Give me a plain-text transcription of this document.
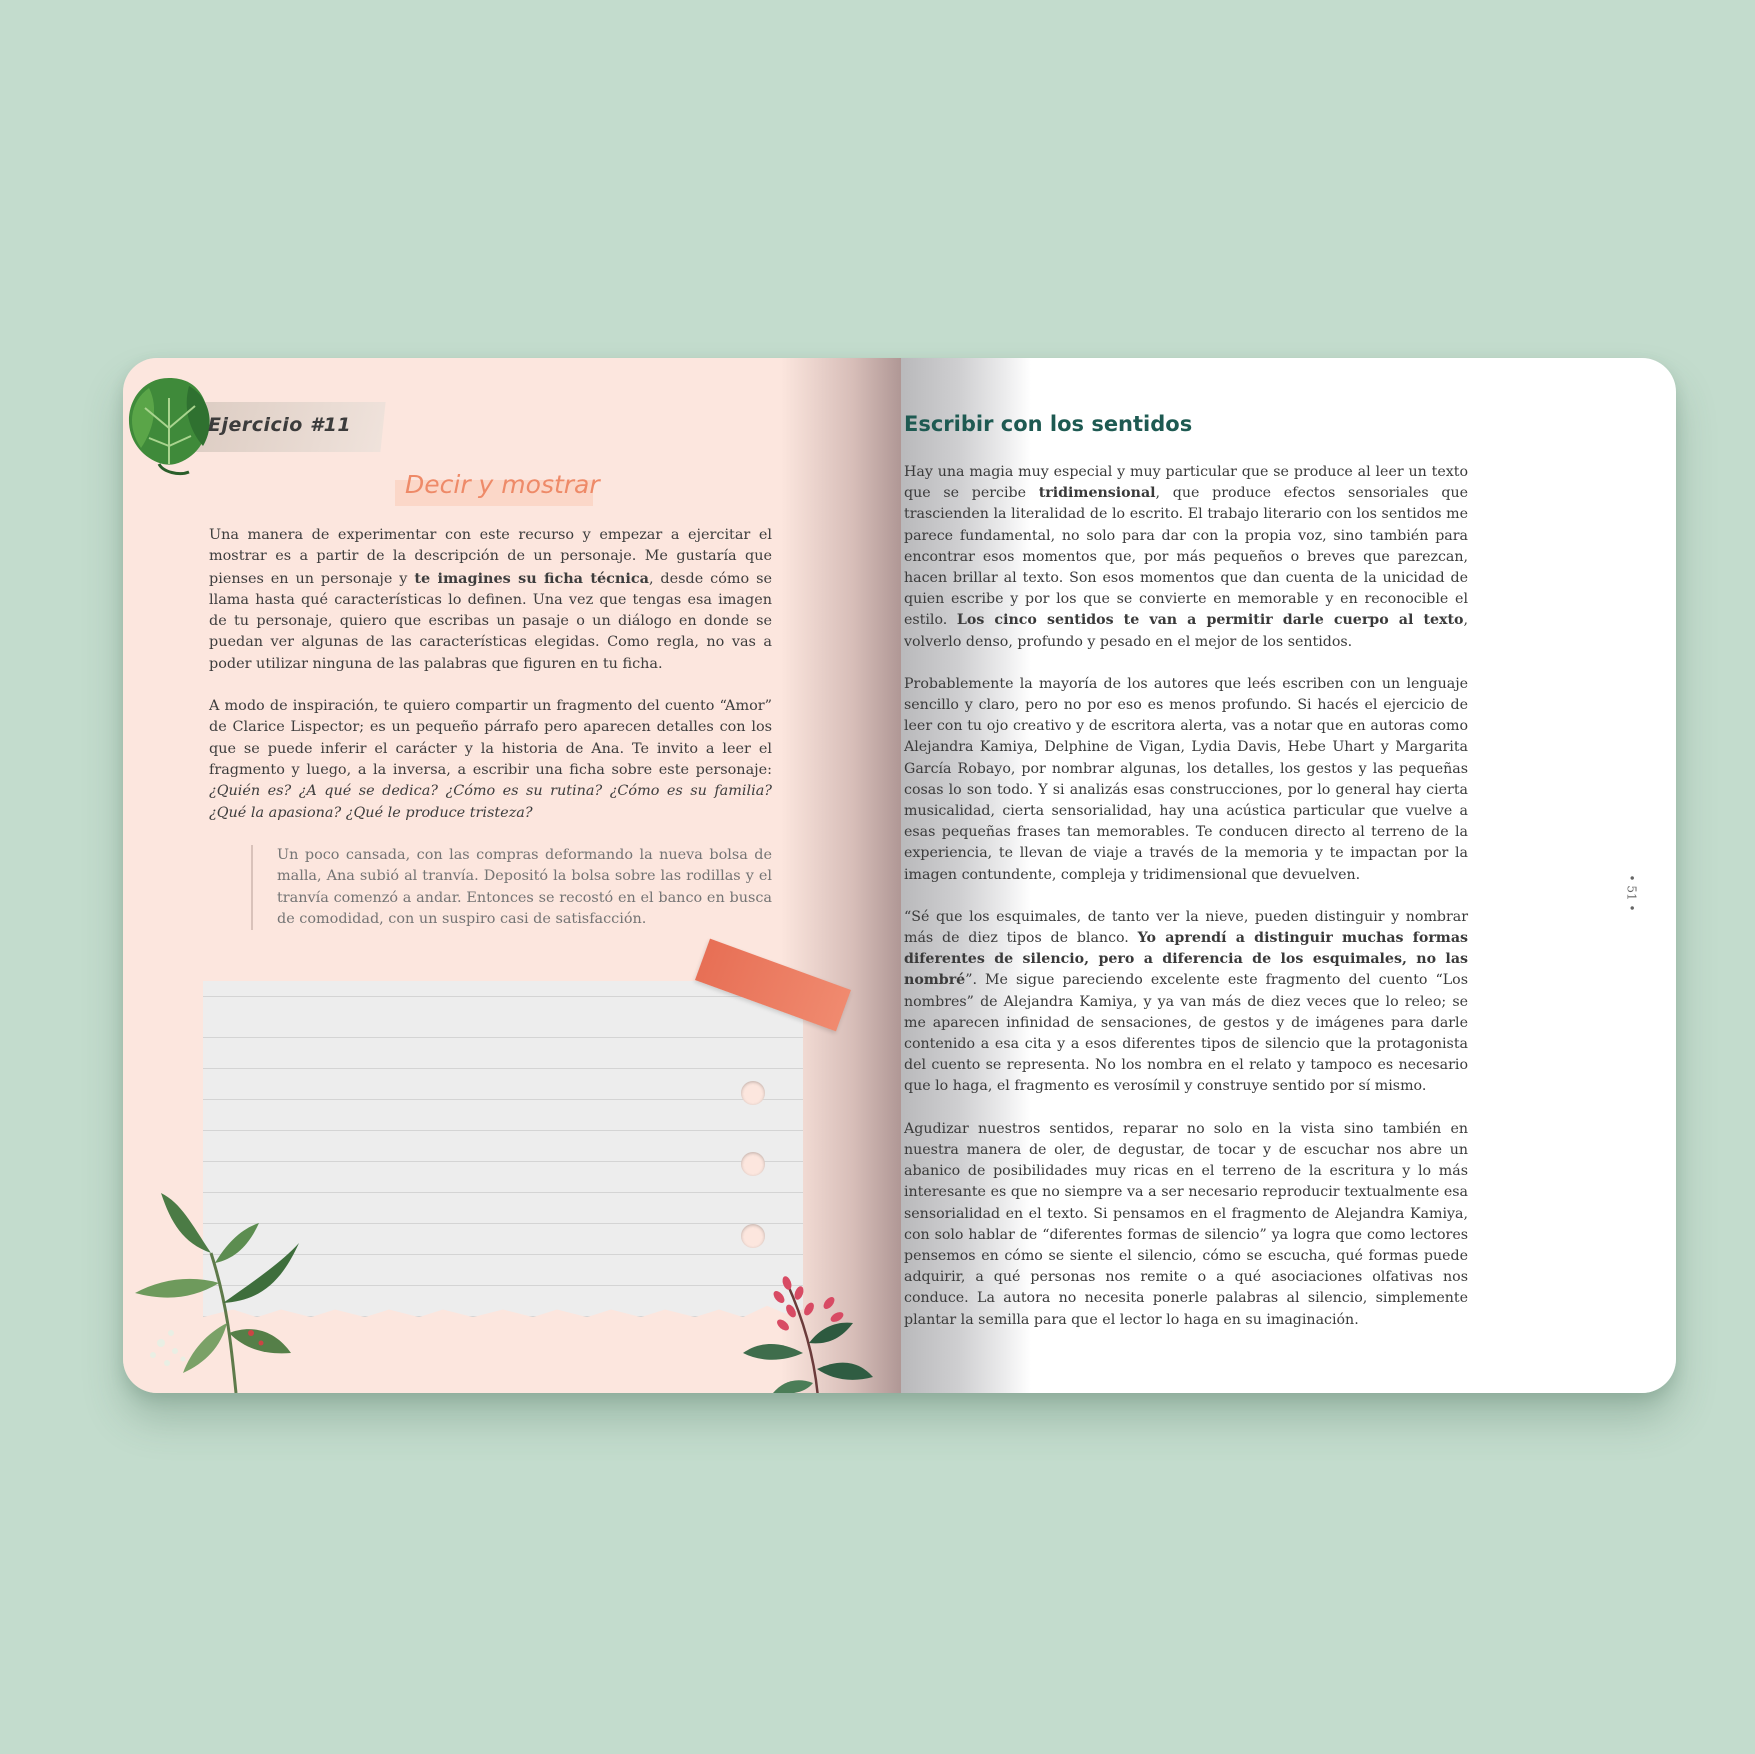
Ejercicio #11
Decir y mostrar

Una manera de experimentar con este recurso y empezar a ejercitar el mostrar es a partir de la descripción de un personaje. Me gustaría que pienses en un personaje y te imagines su ficha técnica, desde cómo se llama hasta qué características lo definen. Una vez que tengas esa imagen de tu personaje, quiero que escribas un pasaje o un diálogo en donde se puedan ver algunas de las características elegidas. Como regla, no vas a poder utilizar ninguna de las palabras que figuren en tu ficha.

A modo de inspiración, te quiero compartir un fragmento del cuento “Amor” de Clarice Lispector; es un pequeño párrafo pero aparecen detalles con los que se puede inferir el carácter y la historia de Ana. Te invito a leer el fragmento y luego, a la inversa, a escribir una ficha sobre este personaje: ¿Quién es? ¿A qué se dedica? ¿Cómo es su rutina? ¿Cómo es su familia? ¿Qué la apasiona? ¿Qué le produce tristeza?

Un poco cansada, con las compras deformando la nueva bolsa de malla, Ana subió al tranvía. Depositó la bolsa sobre las rodillas y el tranvía comenzó a andar. Entonces se recostó en el banco en busca de comodidad, con un suspiro casi de satisfacción.
Escribir con los sentidos

Hay una magia muy especial y muy particular que se produce al leer un texto que se percibe tridimensional, que produce efectos sensoriales que trascienden la literalidad de lo escrito. El trabajo literario con los sentidos me parece fundamental, no solo para dar con la propia voz, sino también para encontrar esos momentos que, por más pequeños o breves que parezcan, hacen brillar al texto. Son esos momentos que dan cuenta de la unicidad de quien escribe y por los que se convierte en memorable y en reconocible el estilo. Los cinco sentidos te van a permitir darle cuerpo al texto, volverlo denso, profundo y pesado en el mejor de los sentidos.

Probablemente la mayoría de los autores que leés escriben con un lenguaje sencillo y claro, pero no por eso es menos profundo. Si hacés el ejercicio de leer con tu ojo creativo y de escritora alerta, vas a notar que en autoras como Alejandra Kamiya, Delphine de Vigan, Lydia Davis, Hebe Uhart y Margarita García Robayo, por nombrar algunas, los detalles, los gestos y las pequeñas cosas lo son todo. Y si analizás esas construcciones, por lo general hay cierta musicalidad, cierta sensorialidad, hay una acústica particular que vuelve a esas pequeñas frases tan memorables. Te conducen directo al terreno de la experiencia, te llevan de viaje a través de la memoria y te impactan por la imagen contundente, compleja y tridimensional que devuelven.

“Sé que los esquimales, de tanto ver la nieve, pueden distinguir y nombrar más de diez tipos de blanco. Yo aprendí a distinguir muchas formas diferentes de silencio, pero a diferencia de los esquimales, no las nombré”. Me sigue pareciendo excelente este fragmento del cuento “Los nombres” de Alejandra Kamiya, y ya van más de diez veces que lo releo; se me aparecen infinidad de sensaciones, de gestos y de imágenes para darle contenido a esa cita y a esos diferentes tipos de silencio que la protagonista del cuento se representa. No los nombra en el relato y tampoco es necesario que lo haga, el fragmento es verosímil y construye sentido por sí mismo.

Agudizar nuestros sentidos, reparar no solo en la vista sino también en nuestra manera de oler, de degustar, de tocar y de escuchar nos abre un abanico de posibilidades muy ricas en el terreno de la escritura y lo más interesante es que no siempre va a ser necesario reproducir textualmente esa sensorialidad en el texto. Si pensamos en el fragmento de Alejandra Kamiya, con solo hablar de “diferentes formas de silencio” ya logra que como lectores pensemos en cómo se siente el silencio, cómo se escucha, qué formas puede adquirir, a qué personas nos remite o a qué asociaciones olfativas nos conduce. La autora no necesita ponerle palabras al silencio, simplemente plantar la semilla para que el lector lo haga en su imaginación.

• 51 •
